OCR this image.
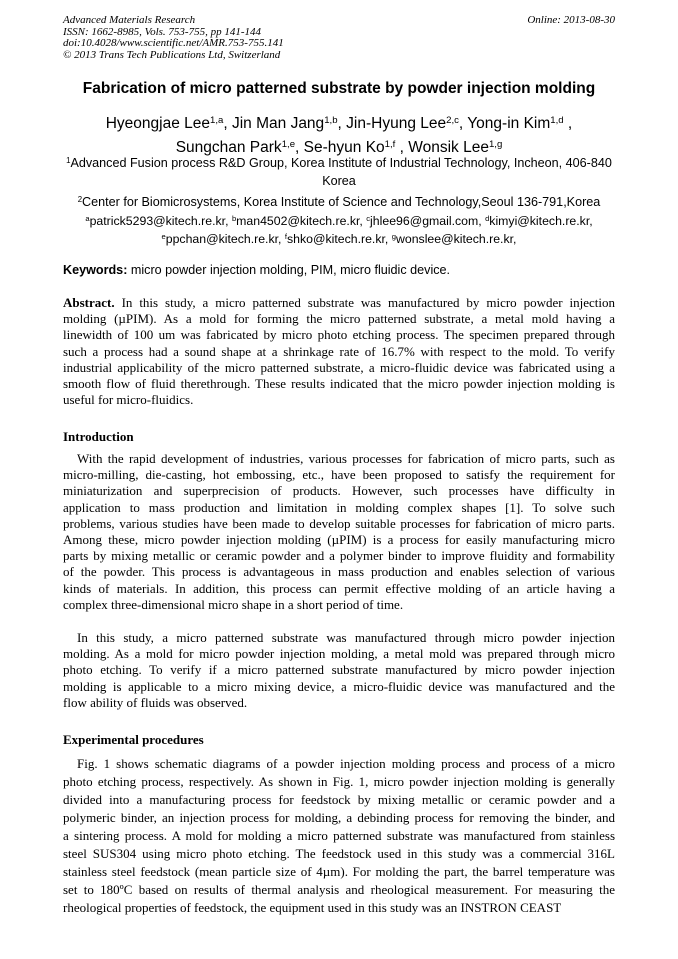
Advanced Materials Research
ISSN: 1662-8985, Vols. 753-755, pp 141-144
doi:10.4028/www.scientific.net/AMR.753-755.141
© 2013 Trans Tech Publications Ltd, Switzerland
Online: 2013-08-30
Fabrication of micro patterned substrate by powder injection molding
Hyeongjae Lee$^{1,a}$, Jin Man Jang$^{1,b}$, Jin-Hyung Lee$^{2,c}$, Yong-in Kim$^{1,d}$ ,
Sungchan Park$^{1,e}$, Se-hyun Ko$^{1,f}$ , Wonsik Lee$^{1,g}$
$^1$Advanced Fusion process R&D Group, Korea Institute of Industrial Technology, Incheon, 406-840
Korea
$^2$Center for Biomicrosystems, Korea Institute of Science and Technology,Seoul 136-791,Korea
$^a$patrick5293@kitech.re.kr, $^b$man4502@kitech.re.kr, $^c$jhlee96@gmail.com, $^d$kimyi@kitech.re.kr,
$^e$ppchan@kitech.re.kr, $^f$shko@kitech.re.kr, $^g$wonslee@kitech.re.kr,
Keywords: micro powder injection molding, PIM, micro fluidic device.
Abstract. In this study, a micro patterned substrate was manufactured by micro powder injection
molding (µPIM). As a mold for forming the micro patterned substrate, a metal mold having a
linewidth of 100 um was fabricated by micro photo etching process. The specimen prepared through
such a process had a sound shape at a shrinkage rate of 16.7% with respect to the mold. To verify
industrial applicability of the micro patterned substrate, a micro-fluidic device was fabricated using a
smooth flow of fluid therethrough. These results indicated that the micro powder injection molding is
useful for micro-fluidics.
Introduction
With the rapid development of industries, various processes for fabrication of micro parts, such as
micro-milling, die-casting, hot embossing, etc., have been proposed to satisfy the requirement for
miniaturization and superprecision of products. However, such processes have difficulty in
application to mass production and limitation in molding complex shapes [1]. To solve such
problems, various studies have been made to develop suitable processes for fabrication of micro parts.
Among these, micro powder injection molding (µPIM) is a process for easily manufacturing micro
parts by mixing metallic or ceramic powder and a polymer binder to improve fluidity and formability
of the powder. This process is advantageous in mass production and enables selection of various
kinds of materials. In addition, this process can permit effective molding of an article having a
complex three-dimensional micro shape in a short period of time.
In this study, a micro patterned substrate was manufactured through micro powder injection
molding. As a mold for micro powder injection molding, a metal mold was prepared through micro
photo etching. To verify if a micro patterned substrate manufactured by micro powder injection
molding is applicable to a micro mixing device, a micro-fluidic device was manufactured and the
flow ability of fluids was observed.
Experimental procedures
Fig. 1 shows schematic diagrams of a powder injection molding process and process of a micro
photo etching process, respectively. As shown in Fig. 1, micro powder injection molding is generally
divided into a manufacturing process for feedstock by mixing metallic or ceramic powder and a
polymeric binder, an injection process for molding, a debinding process for removing the binder, and
a sintering process. A mold for molding a micro patterned substrate was manufactured from stainless
steel SUS304 using micro photo etching. The feedstock used in this study was a commercial 316L
stainless steel feedstock (mean particle size of 4µm). For molding the part, the barrel temperature was
set to 180ºC based on results of thermal analysis and rheological measurement. For measuring the
rheological properties of feedstock, the equipment used in this study was an INSTRON CEAST
